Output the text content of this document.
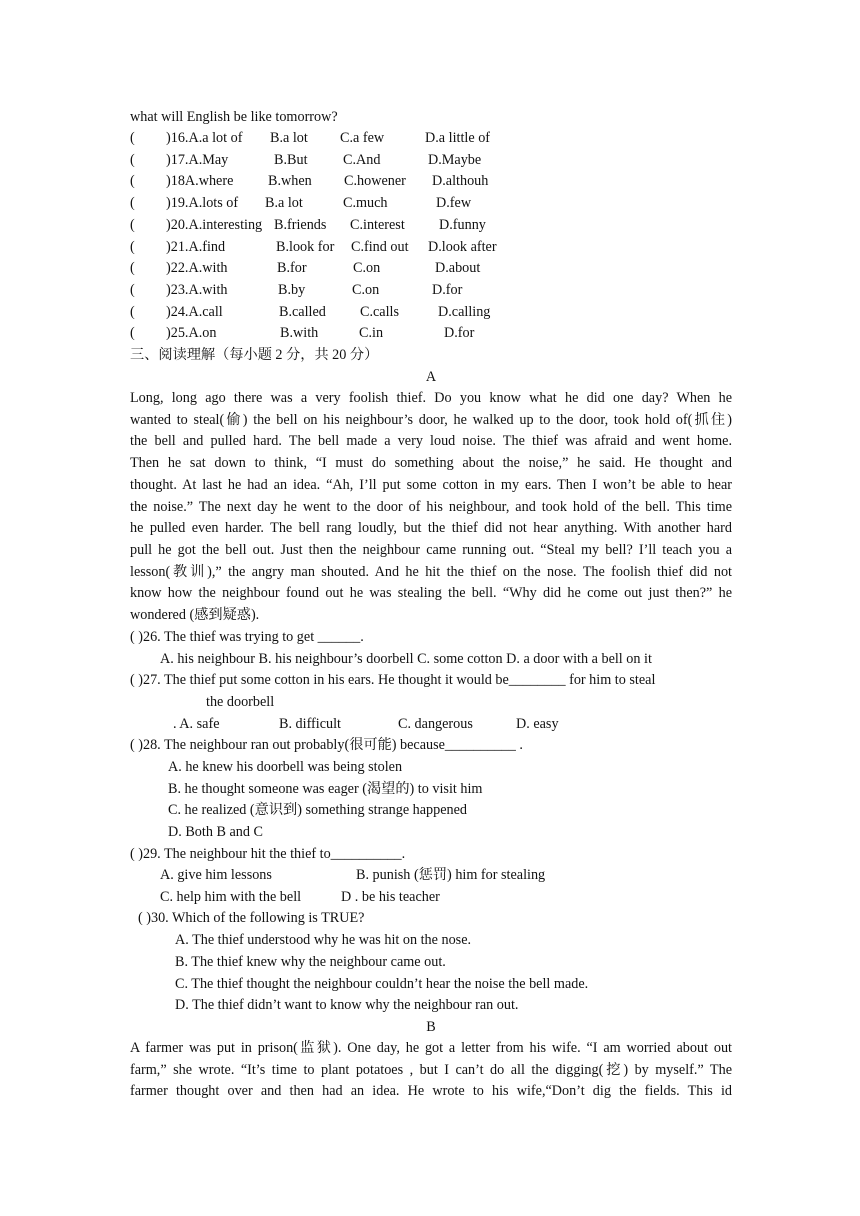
what will English be like tomorrow?
( )16.A.a lot of B.a lot C.a few	D.a little of
( )17.A.May	B.But C.And	D.Maybe
( )18A.where B.when C.howener D.althouh
( )19.A.lots of B.a lot	C.much	D.few
( )20.A.interesting B.friends C.interest D.funny
( )21.A.find	B.look for C.find out D.look after
( )22.A.with	B.for	C.on	D.about
( )23.A.with	B.by	C.on	D.for
( )24.A.call	B.called C.calls	D.calling
( )25.A.on	B.with	C.in	D.for
三、阅读理解（每小题 2 分，共 20 分）
A
Long, long ago there was a very foolish thief. Do you know what he did one day? When he
wanted to steal(偷) the bell on his neighbour’s door, he walked up to the door, took hold of(抓住)
the bell and pulled hard. The bell made a very loud noise. The thief was afraid and went home.
Then he sat down to think, “I must do something about the noise,” he said. He thought and
thought. At last he had an idea. “Ah, I’ll put some cotton in my ears. Then I won’t be able to hear
the noise.” The next day he went to the door of his neighbour, and took hold of the bell. This time
he pulled even harder. The bell rang loudly, but the thief did not hear anything. With another hard
pull he got the bell out. Just then the neighbour came running out. “Steal my bell? I’ll teach you a
lesson(教训),” the angry man shouted. And he hit the thief on the nose. The foolish thief did not
know how the neighbour found out he was stealing the bell. “Why did he come out just then?” he
wondered (感到疑惑).
( )26. The thief was trying to get ______.
A. his neighbour B. his neighbour’s doorbell C. some cotton D. a door with a bell on it
( )27. The thief put some cotton in his ears. He thought it would be________ for him to steal
the doorbell
. A. safe	B. difficult	C. dangerous	D. easy
( )28. The neighbour ran out probably(很可能) because__________ .
A. he knew his doorbell was being stolen
B. he thought someone was eager (渴望的) to visit him
C. he realized (意识到) something strange happened
D. Both B and C
( )29. The neighbour hit the thief to__________.
A. give him lessons	B. punish (惩罚) him for stealing
C. help him with the bell	D . be his teacher
( )30. Which of the following is TRUE?
A. The thief understood why he was hit on the nose.
B. The thief knew why the neighbour came out.
C. The thief thought the neighbour couldn’t hear the noise the bell made.
D. The thief didn’t want to know why the neighbour ran out.
B
A farmer was put in prison(监狱). One day, he got a letter from his wife. “I am worried about out
farm,” she wrote. “It’s time to plant potatoes , but I can’t do all the digging(挖) by myself.” The
farmer thought over and then had an idea. He wrote to his wife,“Don’t dig the fields. This id
